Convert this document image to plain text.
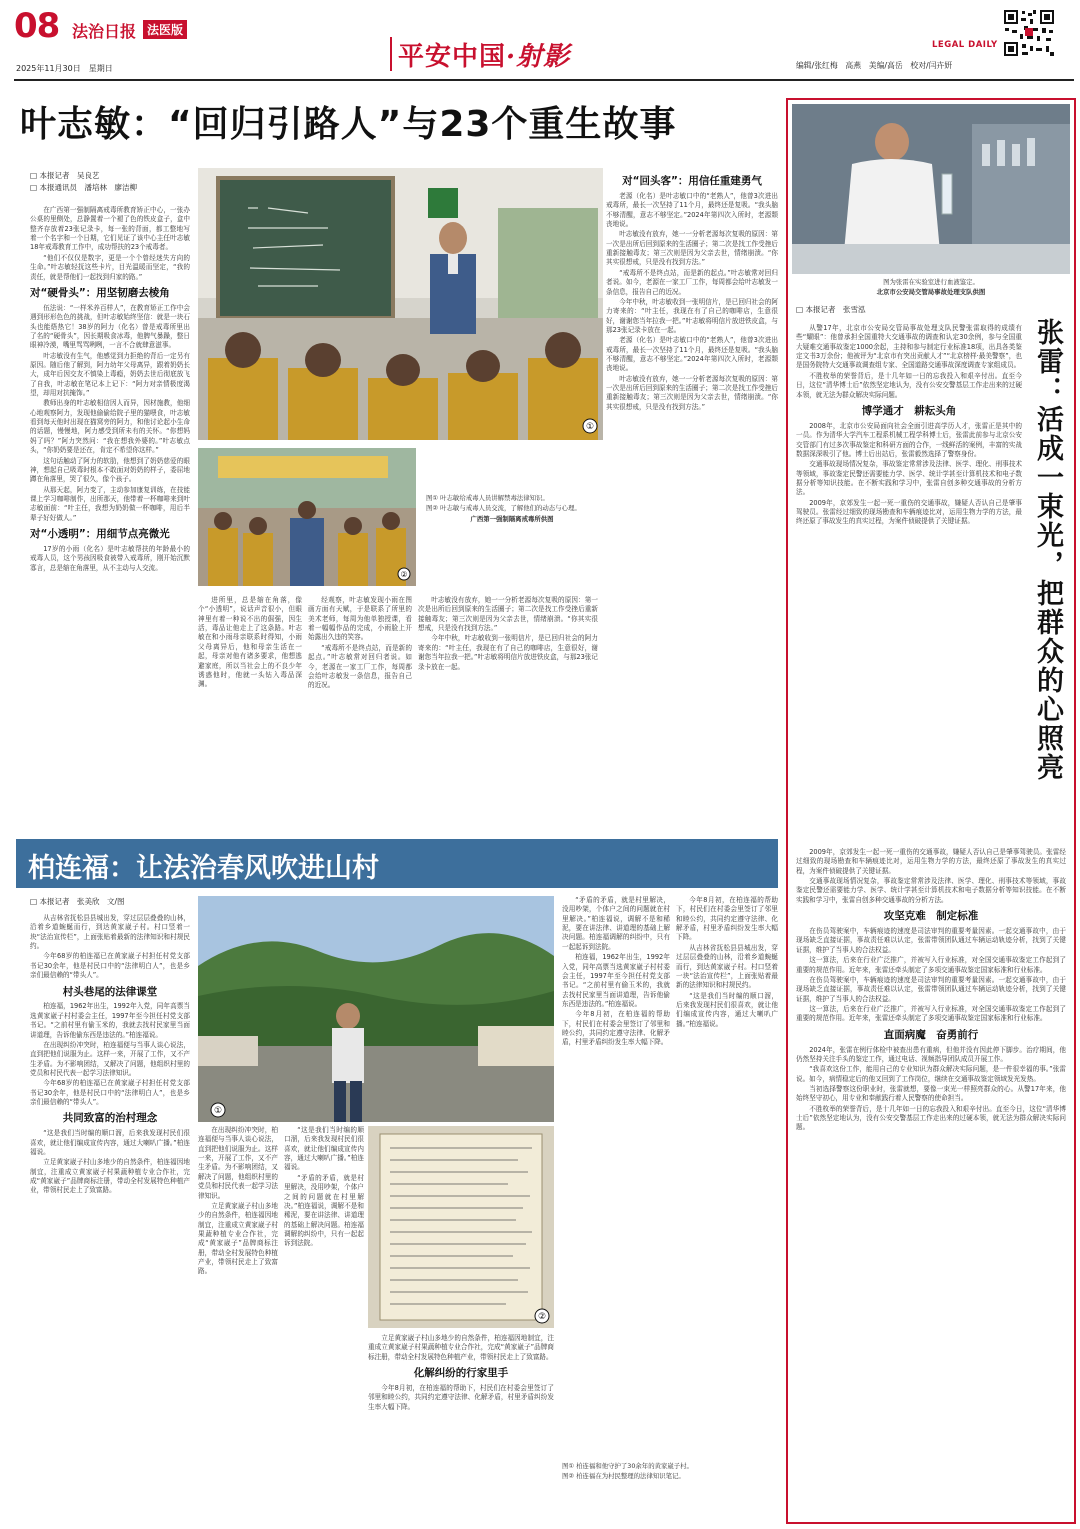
08 法治日报 法医版
2025年11月30日　星期日	平安中国·射影	LEGAL DAILY
编辑/张红梅　高燕　美编/高岳　校对/闫卉妍
叶志敏：“回归引路人”与23个重生故事
□ 本报记者　吴良艺
□ 本报通讯员　潘培林　廖洁柳

在广西第一强制隔离戒毒所教育矫正中心，一张办公桌的里侧处，总静置着一个褪了色的铁皮盒子，盒中整齐存放着23张记录卡，每一张的背面，都工整地写着一个名字和一个日期，它们见证了该中心主任叶志敏18年戒毒教育工作中，成功帮扶的23个戒毒者。

“他们不仅仅是数字，更是一个个曾经迷失方向的生命。”叶志敏轻抚这些卡片，目光温暖而坚定，“我的责任，就是帮他们一起找到归家的路。”

对“硬骨头”：用坚韧磨去棱角

伍法说：“一样米养百样人”，在教育矫正工作中会遇到形形色色的挑战，但叶志敏始终坚信：就是一块石头也能焐热它！38岁的阿力（化名）曾是戒毒所里出了名的“硬骨头”，因长期吸食冰毒，他脾气暴躁，整日眼神冷漠，嘴里骂骂咧咧，一言不合就肆意滋事。

叶志敏没有生气，他感觉到力拒绝的背后一定另有原因。随后他了解到，阿力幼年父母离异，跟着奶奶长大，成年后因交友不慎染上毒瘾，奶奶去世后彻底放飞了自我，叶志敏在笔记本上记下：“阿力对亲情极度渴望，却用对抗掩饰。”

教师出身的叶志敏相信因人而异，因材施教，他细心地观察阿力，发现他偷偷给院子里的猫喂食，叶志敏看到每天他时出现在猫窝旁的阿力，和他讨论起小生命的话题，慢慢地，阿力感受到所未有的关怀。“你想妈妈了吗？”阿力突然问：“我在想我外婆的。”叶志敏点头，“你奶奶要是还在，肯定不希望你这样。”

这句话触动了阿力的软肋，他想到了奶奶慈爱的眼神，想起自己吸毒时根本不敢面对奶奶的样子，委屈地蹲在角落里，哭了很久，像个孩子。

从那天起，阿力变了，主动参加康复训练，在技能课上学习咖啡制作，出所那天，他带着一杯咖啡来到叶志敏面前：“叶主任，我想为奶奶做一杯咖啡，用后半辈子好好做人。”

对“小透明”：用细节点亮微光

17岁的小雨（化名）是叶志敏帮扶的年龄最小的戒毒人员，这个男孩因吸食被带入戒毒所，刚开始沉默寡言，总是缩在角落里，从不主动与人交流。

①
②
图① 叶志敏给戒毒人员讲解禁毒法律知识。
图② 叶志敏与戒毒人员交流，了解他们的动态与心理。
广西第一强制隔离戒毒所供图

进所里，总是缩在角落，像个“小透明”，说话声音很小，但眼神里有着一种说不出的倔强，因生活，毒品让他走上了这条路。叶志敏在和小雨母亲联系时得知，小雨父母离异后，他和母亲生活在一起，母亲对他有诸多要求，他想逃避家庭，所以当社会上的不良少年诱惑他时，他就一头钻入毒品深渊。

经观察，叶志敏发现小雨在图画方面有天赋，于是联系了所里的美术老师，每周为他单独授课，看着一幅幅作品的完成，小雨脸上开始露出久违的笑容。

“戒毒所不是终点站，而是新的起点。”叶志敏常对回归者说。如今，老源在一家工厂工作，每周都会给叶志敏发一条信息，报告自己的近况。

叶志敏没有放弃，她一一分析老源每次复吸的原因：第一次是出所后回到原来的生活圈子；第二次是找工作受挫后重新接触毒友；第三次则是因为父亲去世，情绪崩溃。“你其实很想戒，只是没有找到方法。”

今年中秋，叶志敏收到一张明信片，是已回归社会的阿力寄来的：“叶主任，我现在有了自己的咖啡店，生意很好，谢谢您当年拉我一把。”叶志敏将明信片放进铁皮盒，与那23张记录卡放在一起。

对“回头客”：用信任重建勇气

老源（化名）是叶志敏口中的“老熟人”，他曾3次进出戒毒所，最长一次坚持了11个月，最终还是复吸。“我头脑不够清醒，意志不够坚定。”2024年第四次入所时，老源颓丧地说。

叶志敏没有放弃，她一一分析老源每次复吸的原因：第一次是出所后回到原来的生活圈子；第二次是找工作受挫后重新接触毒友；第三次则是因为父亲去世，情绪崩溃。“你其实很想戒，只是没有找到方法。”

“戒毒所不是终点站，而是新的起点。”叶志敏常对回归者说。如今，老源在一家工厂工作，每周都会给叶志敏发一条信息，报告自己的近况。

今年中秋，叶志敏收到一张明信片，是已回归社会的阿力寄来的：“叶主任，我现在有了自己的咖啡店，生意很好，谢谢您当年拉我一把。”叶志敏将明信片放进铁皮盒，与那23张记录卡放在一起。

老源（化名）是叶志敏口中的“老熟人”，他曾3次进出戒毒所，最长一次坚持了11个月，最终还是复吸。“我头脑不够清醒，意志不够坚定。”2024年第四次入所时，老源颓丧地说。

叶志敏没有放弃，她一一分析老源每次复吸的原因：第一次是出所后回到原来的生活圈子；第二次是找工作受挫后重新接触毒友；第三次则是因为父亲去世，情绪崩溃。“你其实很想戒，只是没有找到方法。”

柏连福：让法治春风吹进山村
□ 本报记者　张美欣　文/图

从吉林省抚松县县城出发，穿过层层叠叠的山林，沿着乡道蜿蜒而行，到达黄家崴子村。村口竖着一块“法治宣传栏”，上面张贴着最新的法律知识和村规民约。

今年68岁的柏连福已在黄家崴子村担任村党支部书记30余年，他是村民口中的“法律明白人”，也是乡亲们最信赖的“带头人”。

村头巷尾的法律课堂

柏连福，1962年出生，1992年入党，同年高票当选黄家崴子村村委会主任，1997年至今担任村党支部书记。“之前村里有偷玉米的，我就去找村民家里当面讲道理，告诉他偷东西是违法的。”柏连福说。

在出现纠纷冲突时，柏连福便与当事人谈心说法，直到把他们说服为止。这样一来，开展了工作，又不产生矛盾。为不影响团结，又解决了问题，他组织村里的党员和村民代表一起学习法律知识。

今年68岁的柏连福已在黄家崴子村担任村党支部书记30余年，他是村民口中的“法律明白人”，也是乡亲们最信赖的“带头人”。

共同致富的治村理念

“这是我们当时编的顺口溜，后来我发现村民们很喜欢，就让他们编成宣传内容，通过大喇叭广播。”柏连福说。

立足黄家崴子村山多地少的自然条件，柏连福因地制宜，注重成立黄家崴子村果蔬种植专业合作社，完成“黄家崴子”品牌商标注册，带动全村发展特色种植产业，带领村民走上了致富路。

①
②

在出现纠纷冲突时，柏连福便与当事人谈心说法，直到把他们说服为止。这样一来，开展了工作，又不产生矛盾。为不影响团结，又解决了问题，他组织村里的党员和村民代表一起学习法律知识。

立足黄家崴子村山多地少的自然条件，柏连福因地制宜，注重成立黄家崴子村果蔬种植专业合作社，完成“黄家崴子”品牌商标注册，带动全村发展特色种植产业，带领村民走上了致富路。

“这是我们当时编的顺口溜，后来我发现村民们很喜欢，就让他们编成宣传内容，通过大喇叭广播。”柏连福说。

“矛盾的矛盾，就是村里解决，没用吵架，个体户之间的问题就在村里解决。”柏连福说，调解不是和稀泥，要在讲法律、讲道理的基础上解决问题。柏连福调解的纠纷中，只有一起起诉到法院。

立足黄家崴子村山多地少的自然条件，柏连福因地制宜，注重成立黄家崴子村果蔬种植专业合作社，完成“黄家崴子”品牌商标注册，带动全村发展特色种植产业，带领村民走上了致富路。

化解纠纷的行家里手

今年8月初，在柏连福的帮助下，村民们在村委会里签订了邻里和睦公约，共同约定遵守法律、化解矛盾，村里矛盾纠纷发生率大幅下降。

“矛盾的矛盾，就是村里解决，没用吵架，个体户之间的问题就在村里解决。”柏连福说，调解不是和稀泥，要在讲法律、讲道理的基础上解决问题。柏连福调解的纠纷中，只有一起起诉到法院。

柏连福，1962年出生，1992年入党，同年高票当选黄家崴子村村委会主任，1997年至今担任村党支部书记。“之前村里有偷玉米的，我就去找村民家里当面讲道理，告诉他偷东西是违法的。”柏连福说。

今年8月初，在柏连福的帮助下，村民们在村委会里签订了邻里和睦公约，共同约定遵守法律、化解矛盾，村里矛盾纠纷发生率大幅下降。

今年8月初，在柏连福的帮助下，村民们在村委会里签订了邻里和睦公约，共同约定遵守法律、化解矛盾，村里矛盾纠纷发生率大幅下降。

从吉林省抚松县县城出发，穿过层层叠叠的山林，沿着乡道蜿蜒而行，到达黄家崴子村。村口竖着一块“法治宣传栏”，上面张贴着最新的法律知识和村规民约。

“这是我们当时编的顺口溜，后来我发现村民们很喜欢，就让他们编成宣传内容，通过大喇叭广播。”柏连福说。

图① 柏连福和他守护了30余年的黄家崴子村。
图② 柏连福在为村民整理的法律知识笔记。
图为张雷在实验室进行血液鉴定。
北京市公安局交管局事故处理支队供图
□ 本报记者　张雪泓
张雷：活成一束光，把群众的心照亮

从警17年，北京市公安局交管局事故处理支队民警张雷取得的成绩有些“耀眼”：他曾承担全国重特大交通事故的调查和认定30余例，参与全国重大疑难交通事故鉴定1000余起，主持和参与制定行业标准18项，出具各类鉴定文书3万余份；他被评为“北京市有突出贡献人才”“北京榜样·最美警察”，也是国务院特大交通事故调查组专家、全国道路交通事故深度调查专家组成员。

不胜枚举的荣誉背后，是十几年如一日的忘我投入和艰辛付出。直至今日，这位“清华博士后”依然坚定地认为，没有公安交警基层工作走出来的过硬本领，就无法为群众解决实际问题。

博学通才　耕耘头角

2008年，北京市公安局面向社会全面引进高学历人才，张雷正是其中的一员。作为清华大学汽车工程系机械工程学科博士后，张雷此前参与北京公安交管部门有过多次事故鉴定和科研方面的合作，一线鲜活的案例，丰富的实战数据深深吸引了他。博士后出站后，张雷毅然选择了警察身份。

交通事故现场情况复杂，事故鉴定常常涉及法律、医学、理化、刑事技术等领域，事故鉴定民警还需要能力学、医学、统计学甚至计算机技术和电子数据分析等知识技能。在不断实践和学习中，张雷自创多种交通事故的分析方法。

2009年，京郊发生一起一死一重伤的交通事故，嫌疑人否认自己是肇事驾驶员。张雷经过细致的现场勘查和车辆痕迹比对，运用生物力学的方法，最终还原了事故发生的真实过程，为案件侦破提供了关键证据。

2009年，京郊发生一起一死一重伤的交通事故，嫌疑人否认自己是肇事驾驶员。张雷经过细致的现场勘查和车辆痕迹比对，运用生物力学的方法，最终还原了事故发生的真实过程，为案件侦破提供了关键证据。

交通事故现场情况复杂，事故鉴定常常涉及法律、医学、理化、刑事技术等领域，事故鉴定民警还需要能力学、医学、统计学甚至计算机技术和电子数据分析等知识技能。在不断实践和学习中，张雷自创多种交通事故的分析方法。

攻坚克难　制定标准

在伤员驾驶案中，车辆痕迹的速度是司法审判的重要考量因素。一起交通事故中，由于现场缺乏直接证据，事故责任难以认定，张雷带领团队通过车辆运动轨迹分析，找到了关键证据，维护了当事人的合法权益。

这一算法，后来在行业广泛推广，并被写入行业标准，对全国交通事故鉴定工作起到了重要的规范作用。近年来，张雷还牵头制定了多项交通事故鉴定国家标准和行业标准。

在伤员驾驶案中，车辆痕迹的速度是司法审判的重要考量因素。一起交通事故中，由于现场缺乏直接证据，事故责任难以认定，张雷带领团队通过车辆运动轨迹分析，找到了关键证据，维护了当事人的合法权益。

这一算法，后来在行业广泛推广，并被写入行业标准，对全国交通事故鉴定工作起到了重要的规范作用。近年来，张雷还牵头制定了多项交通事故鉴定国家标准和行业标准。

直面病魔　奋勇前行

2024年，张雷在例行体检中被查出患有重病，但他并没有因此停下脚步。治疗期间，他仍然坚持关注手头的鉴定工作，通过电话、视频指导团队成员开展工作。

“我喜欢这份工作，能用自己的专业知识为群众解决实际问题，是一件很幸福的事。”张雷说。如今，病情稳定后的他又回到了工作岗位，继续在交通事故鉴定领域发光发热。

当初选择警察这份职业时，张雷就想，要像一束光一样照亮群众的心。从警17年来，他始终坚守初心，用专业和奉献践行着人民警察的使命担当。

不胜枚举的荣誉背后，是十几年如一日的忘我投入和艰辛付出。直至今日，这位“清华博士后”依然坚定地认为，没有公安交警基层工作走出来的过硬本领，就无法为群众解决实际问题。
